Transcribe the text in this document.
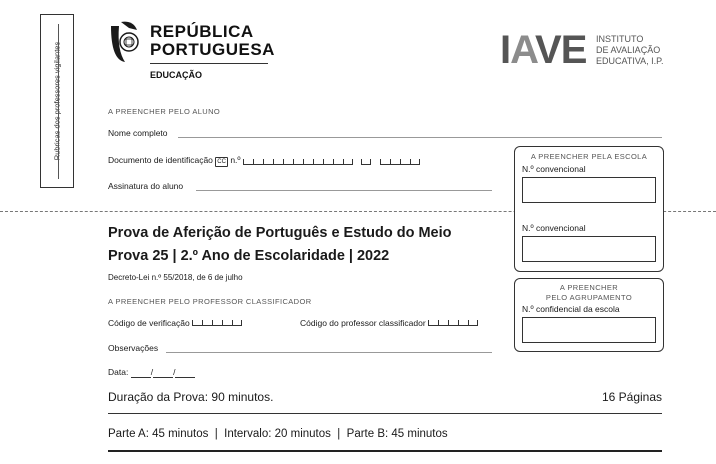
Rubricas dos professores vigilantes
REPÚBLICA
PORTUGUESA
EDUCAÇÃO
IAVE INSTITUTO
DE AVALIAÇÃO
EDUCATIVA, I.P.
A PREENCHER PELO ALUNO
Nome completo
Documento de identificação CC n.º
Assinatura do aluno
A PREENCHER PELA ESCOLA
N.º convencional
N.º convencional
Prova de Aferição de Português e Estudo do Meio
Prova 25 | 2.º Ano de Escolaridade | 2022
Decreto-Lei n.º 55/2018, de 6 de julho
A PREENCHER PELO PROFESSOR CLASSIFICADOR
Código de verificação	Código do professor classificador
Observações
Data:	/ /
A PREENCHER
PELO AGRUPAMENTO
N.º confidencial da escola
Duração da Prova: 90 minutos.	16 Páginas
Parte A: 45 minutos  |  Intervalo: 20 minutos  |  Parte B: 45 minutos
